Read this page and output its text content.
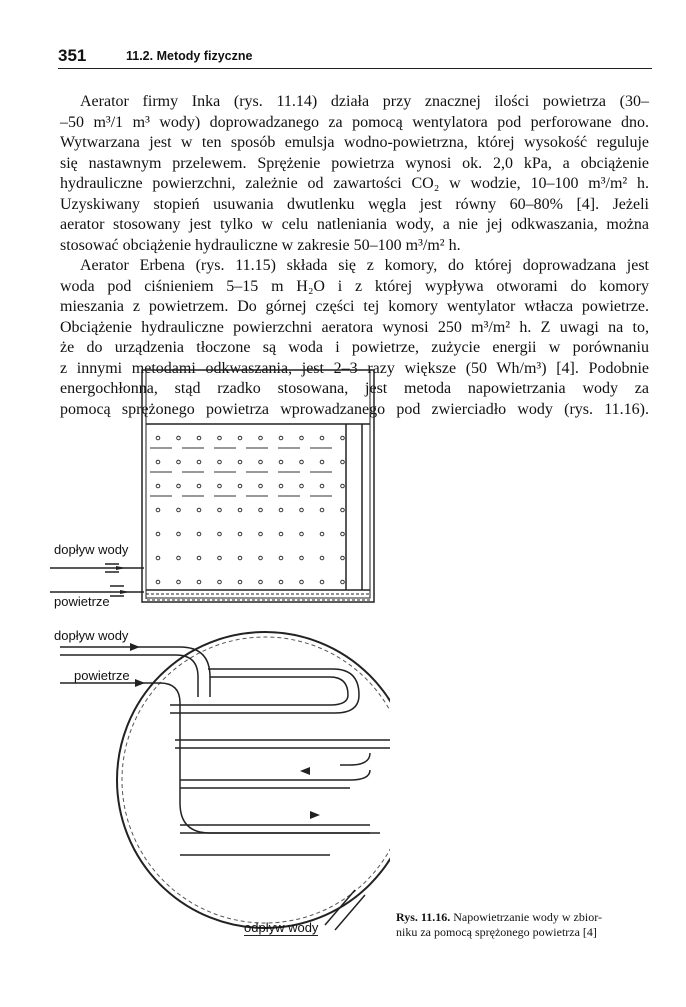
351	11.2. Metody fizyczne
Aerator firmy Inka (rys. 11.14) działa przy znacznej ilości powietrza (30–
–50 m³/1 m³ wody) doprowadzanego za pomocą wentylatora pod perforowane dno.
Wytwarzana jest w ten sposób emulsja wodno-powietrzna, której wysokość reguluje
się nastawnym przelewem. Sprężenie powietrza wynosi ok. 2,0 kPa, a obciążenie
hydrauliczne powierzchni, zależnie od zawartości CO₂ w wodzie, 10–100 m³/m² h.
Uzyskiwany stopień usuwania dwutlenku węgla jest równy 60–80% [4]. Jeżeli
aerator stosowany jest tylko w celu natleniania wody, a nie jej odkwaszania, można
stosować obciążenie hydrauliczne w zakresie 50–100 m³/m² h.
Aerator Erbena (rys. 11.15) składa się z komory, do której doprowadzana jest
woda pod ciśnieniem 5–15 m H₂O i z której wypływa otworami do komory
mieszania z powietrzem. Do górnej części tej komory wentylator wtłacza powietrze.
Obciążenie hydrauliczne powierzchni aeratora wynosi 250 m³/m² h. Z uwagi na to,
że do urządzenia tłoczone są woda i powietrze, zużycie energii w porównaniu
z innymi metodami odkwaszania, jest 2–3 razy większe (50 Wh/m³) [4]. Podobnie
energochłonna, stąd rzadko stosowana, jest metoda napowietrzania wody za
pomocą sprężonego powietrza wprowadzanego pod zwierciadło wody (rys. 11.16).
dopływ wody
powietrze
dopływ wody
powietrze
odpływ wody
Rys. 11.16. Napowietrzanie wody w zbior-
niku za pomocą sprężonego powietrza [4]
